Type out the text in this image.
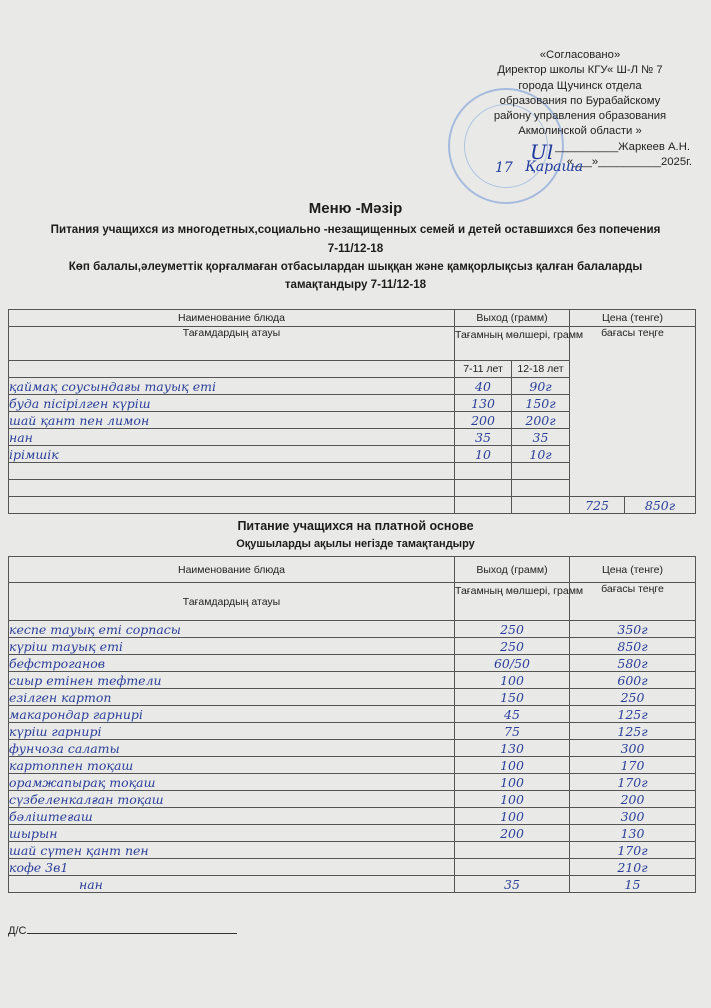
«Согласовано»
Директор школы КГУ« Ш-Л № 7
города Щучинск отдела
образования по Бурабайскому
району управления образования
Акмолинской области »
__________Жаркеев А.Н.
«___»__________2025г.
Ul
17 Қараша
Меню -Мәзір
Питания учащихся из многодетных,социально -незащищенных семей и детей оставшихся без попечения
7-11/12-18
Көп балалы,әлеуметтік қорғалмаған отбасылардан шыққан және қамқорлықсыз қалған балаларды
тамақтандыру 7-11/12-18
Наименование блюда	Выход (грамм)		Цена (тенге)	
Тағамдардың атауы	Тағамның мөлшері, грамм		бағасы теңге	

	7-11 лет	12-18 лет		
қаймақ соусындағы тауық еті	40	90г		
буда пісірілген күріш	130	150г		
шай қант пен лимон	200	200г		
нан	35	35		
ірімшік	10	10г		

			725	850г
Питание учащихся на платной основе
Оқушыларды ақылы негізде тамақтандыру
Наименование блюда	Выход (грамм)	Цена (тенге)
Тағамдардың атауы	Тағамның мөлшері, грамм	бағасы теңге
кеспе тауық еті сорпасы	250	350г
күріш тауық еті	250	850г
бефстроганов	60/50	580г
сиыр етінен тефтели	100	600г
езілген картоп	150	250
макарондар гарнирі	45	125г
күріш гарнирі	75	125г
фунчоза салаты	130	300
картоппен тоқаш	100	170
орамжапырақ тоқаш	100	170г
сүзбеленкалған тоқаш	100	200
бәліштеғаш	100	300
шырын	200	130
шай сүтен қант пен		170г
кофе 3в1		210г
нан	35	15
Д/С
